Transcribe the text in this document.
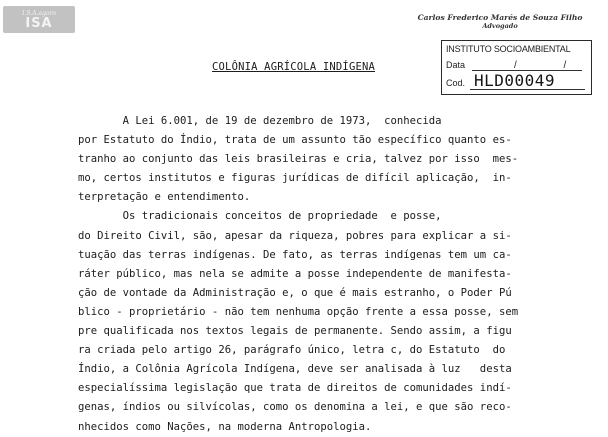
I.S.A.agoro
ISA	Carlos Frederico Marés de Souza Filho
Advogado
INSTITUTO SOCIOAMBIENTAL
Data	/ /
Cod. HLD00049
COLÔNIA AGRÍCOLA INDÍGENA
A Lei 6.001, de 19 de dezembro de 1973,  conhecida
por Estatuto do Índio, trata de um assunto tão específico quanto es-
tranho ao conjunto das leis brasileiras e cria, talvez por isso  mes-
mo, certos institutos e figuras jurídicas de difícil aplicação,  in-
terpretação e entendimento.
Os tradicionais conceitos de propriedade  e posse,
do Direito Civil, são, apesar da riqueza, pobres para explicar a si-
tuação das terras indígenas. De fato, as terras indígenas tem um ca-
ráter público, mas nela se admite a posse independente de manifesta-
ção de vontade da Administração e, o que é mais estranho, o Poder Pú
blico - proprietário - não tem nenhuma opção frente a essa posse, sem
pre qualificada nos textos legais de permanente. Sendo assim, a figu
ra criada pelo artigo 26, parágrafo único, letra c, do Estatuto  do
Índio, a Colônia Agrícola Indígena, deve ser analisada à luz   desta
especialíssima legislação que trata de direitos de comunidades indí-
genas, índios ou silvícolas, como os denomina a lei, e que são reco-
nhecidos como Nações, na moderna Antropologia.
